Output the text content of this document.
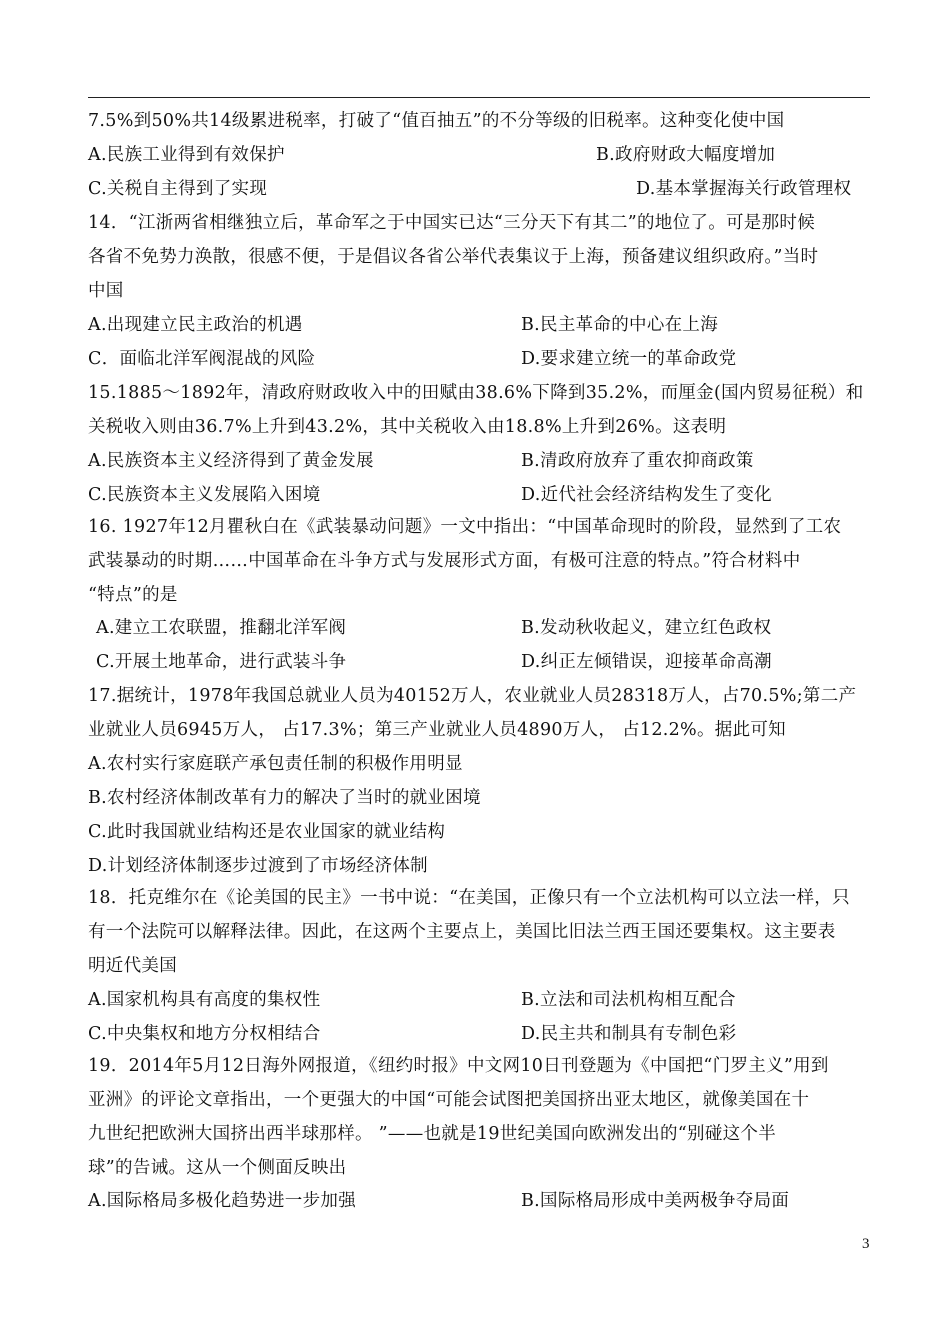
7.5%到50%共14级累进税率，打破了“值百抽五”的不分等级的旧税率。这种变化使中国
A.民族工业得到有效保护	B.政府财政大幅度增加
C.关税自主得到了实现	D.基本掌握海关行政管理权
14．“江浙两省相继独立后，革命军之于中国实已达“三分天下有其二”的地位了。可是那时候
各省不免势力涣散，很感不便，于是倡议各省公举代表集议于上海，预备建议组织政府。”当时
中国
A.出现建立民主政治的机遇	B.民主革命的中心在上海
C．面临北洋军阀混战的风险	D.要求建立统一的革命政党
15.1885～1892年，清政府财政收入中的田赋由38.6%下降到35.2%，而厘金(国内贸易征税）和
关税收入则由36.7%上升到43.2%，其中关税收入由18.8%上升到26%。这表明
A.民族资本主义经济得到了黄金发展	B.清政府放弃了重农抑商政策
C.民族资本主义发展陷入困境	D.近代社会经济结构发生了变化
16. 1927年12月瞿秋白在《武装暴动问题》一文中指出：“中国革命现时的阶段，显然到了工农
武装暴动的时期……中国革命在斗争方式与发展形式方面，有极可注意的特点。”符合材料中
“特点”的是
A.建立工农联盟，推翻北洋军阀	B.发动秋收起义，建立红色政权
C.开展土地革命，进行武装斗争	D.纠正左倾错误，迎接革命高潮
17.据统计，1978年我国总就业人员为40152万人，农业就业人员28318万人，占70.5%;第二产
业就业人员6945万人， 占17.3%；第三产业就业人员4890万人， 占12.2%。据此可知
A.农村实行家庭联产承包责任制的积极作用明显
B.农村经济体制改革有力的解决了当时的就业困境
C.此时我国就业结构还是农业国家的就业结构
D.计划经济体制逐步过渡到了市场经济体制
18．托克维尔在《论美国的民主》一书中说：“在美国，正像只有一个立法机构可以立法一样，只
有一个法院可以解释法律。因此，在这两个主要点上，美国比旧法兰西王国还要集权。这主要表
明近代美国
A.国家机构具有高度的集权性	B.立法和司法机构相互配合
C.中央集权和地方分权相结合	D.民主共和制具有专制色彩
19．2014年5月12日海外网报道，《纽约时报》中文网10日刊登题为《中国把“门罗主义”用到
亚洲》的评论文章指出，一个更强大的中国“可能会试图把美国挤出亚太地区，就像美国在十
九世纪把欧洲大国挤出西半球那样。 ”——也就是19世纪美国向欧洲发出的“别碰这个半
球”的告诫。这从一个侧面反映出
A.国际格局多极化趋势进一步加强	B.国际格局形成中美两极争夺局面
3
